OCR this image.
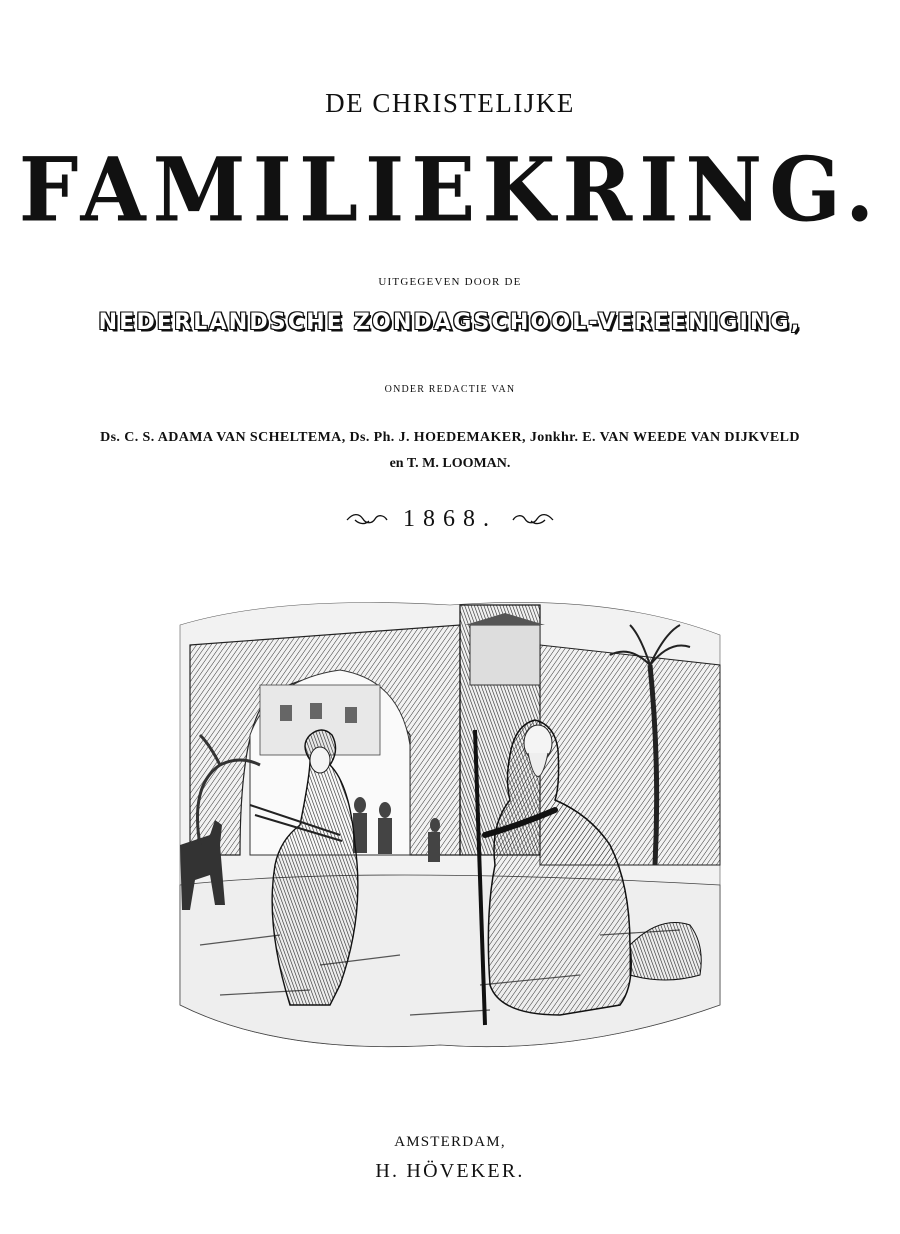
DE CHRISTELIJKE
FAMILIEKRING.
UITGEGEVEN DOOR DE
NEDERLANDSCHE ZONDAGSCHOOL-VEREENIGING,
ONDER REDACTIE VAN
Ds. C. S. ADAMA VAN SCHELTEMA, Ds. Ph. J. HOEDEMAKER, Jonkhr. E. VAN WEEDE VAN DIJKVELD
en T. M. LOOMAN.
1868.
AMSTERDAM,
H. HÖVEKER.
